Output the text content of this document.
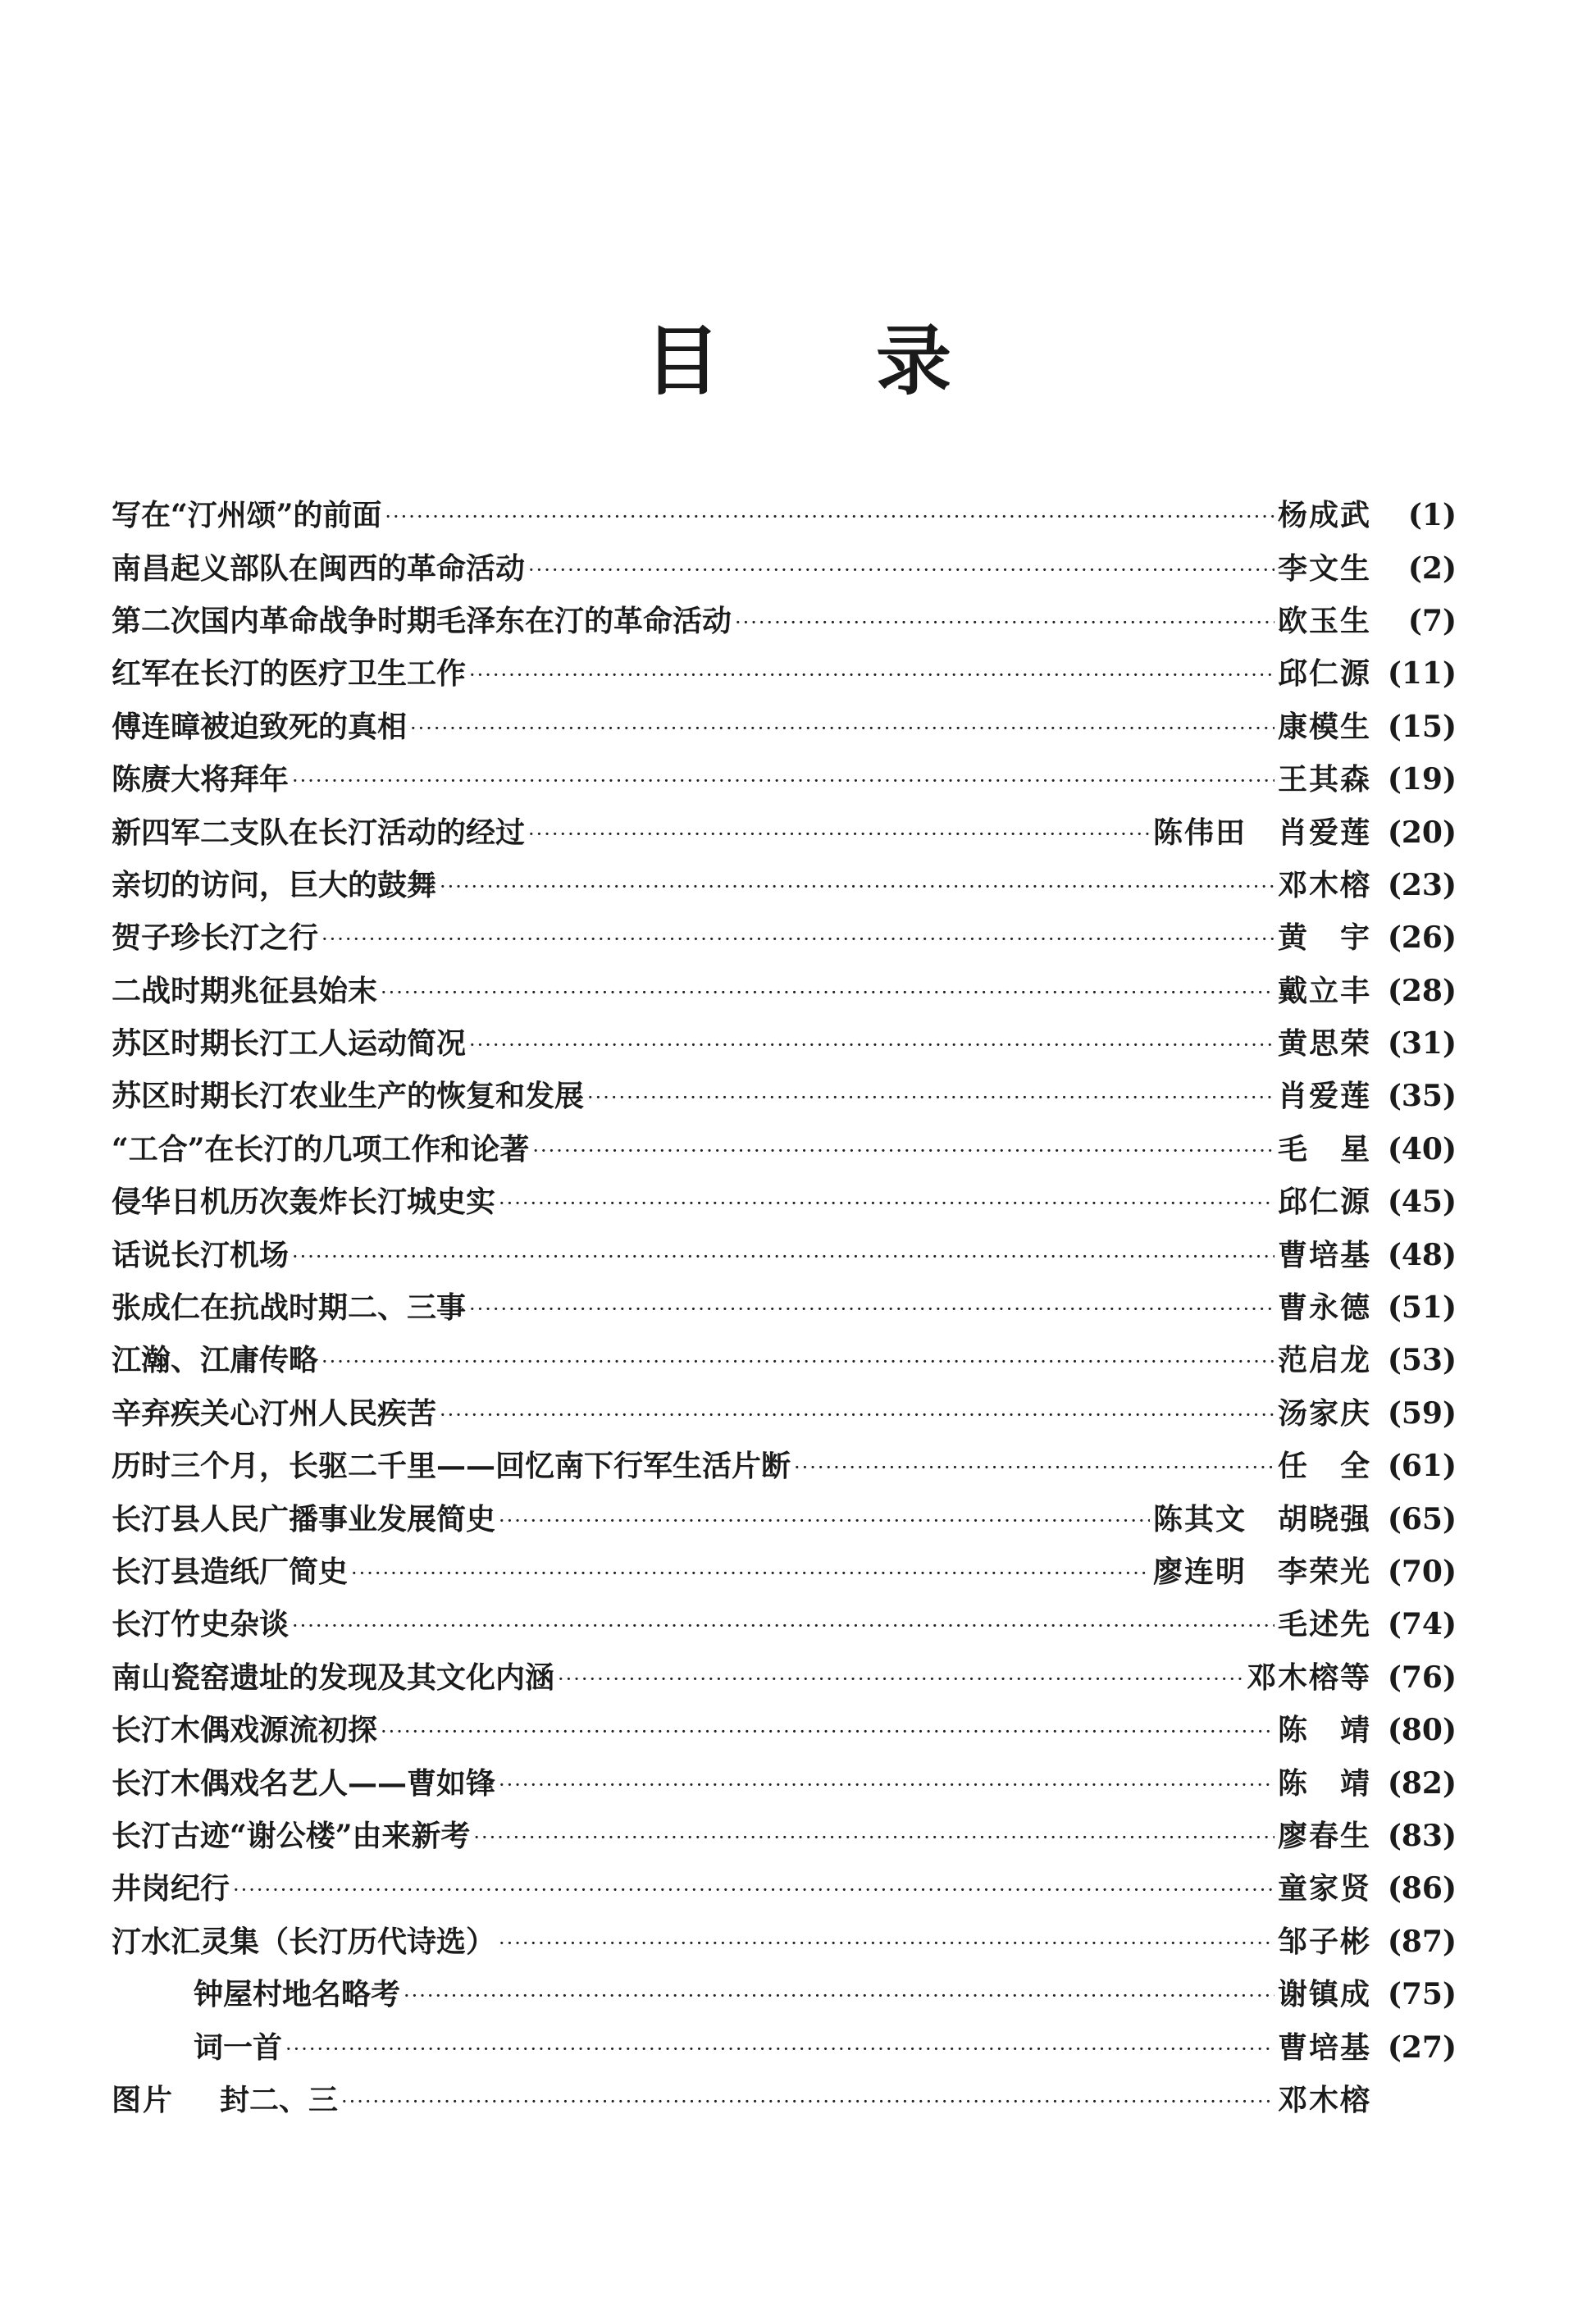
目 录
写在“汀州颂”的前面 ·····	杨成武	(1)
南昌起义部队在闽西的革命活动 ·····	李文生	(2)
第二次国内革命战争时期毛泽东在汀的革命活动 ·····	欧玉生	(7)
红军在长汀的医疗卫生工作 ·····	邱仁源 (11)
傅连暲被迫致死的真相 ·····	康模生 (15)
陈赓大将拜年 ·····	王其森 (19)
新四军二支队在长汀活动的经过 ·····	陈伟田　肖爱莲 (20)
亲切的访问，巨大的鼓舞 ·····	邓木榕 (23)
贺子珍长汀之行 ·····	黄　宇 (26)
二战时期兆征县始末 ·····	戴立丰 (28)
苏区时期长汀工人运动简况 ·····	黄思荣 (31)
苏区时期长汀农业生产的恢复和发展 ·····	肖爱莲 (35)
“工合”在长汀的几项工作和论著 ·····	毛　星 (40)
侵华日机历次轰炸长汀城史实 ·····	邱仁源 (45)
话说长汀机场 ·····	曹培基 (48)
张成仁在抗战时期二、三事 ·····	曹永德 (51)
江瀚、江庸传略 ·····	范启龙 (53)
辛弃疾关心汀州人民疾苦 ·····	汤家庆 (59)
历时三个月，长驱二千里——回忆南下行军生活片断 ·····	任　全 (61)
长汀县人民广播事业发展简史 ·····	陈其文　胡晓强 (65)
长汀县造纸厂简史 ·····	廖连明　李荣光 (70)
长汀竹史杂谈 ·····	毛述先 (74)
南山瓷窑遗址的发现及其文化内涵 ·····	邓木榕等 (76)
长汀木偶戏源流初探 ·····	陈　靖 (80)
长汀木偶戏名艺人——曹如锋 ·····	陈　靖 (82)
长汀古迹“谢公楼”由来新考 ·····	廖春生 (83)
井岗纪行 ·····	童家贤 (86)
汀水汇灵集（长汀历代诗选） ·····	邹子彬 (87)
钟屋村地名略考 ·····	谢镇成 (75)
词一首 ·····	曹培基 (27)
图片 封二、三 ·····	邓木榕
